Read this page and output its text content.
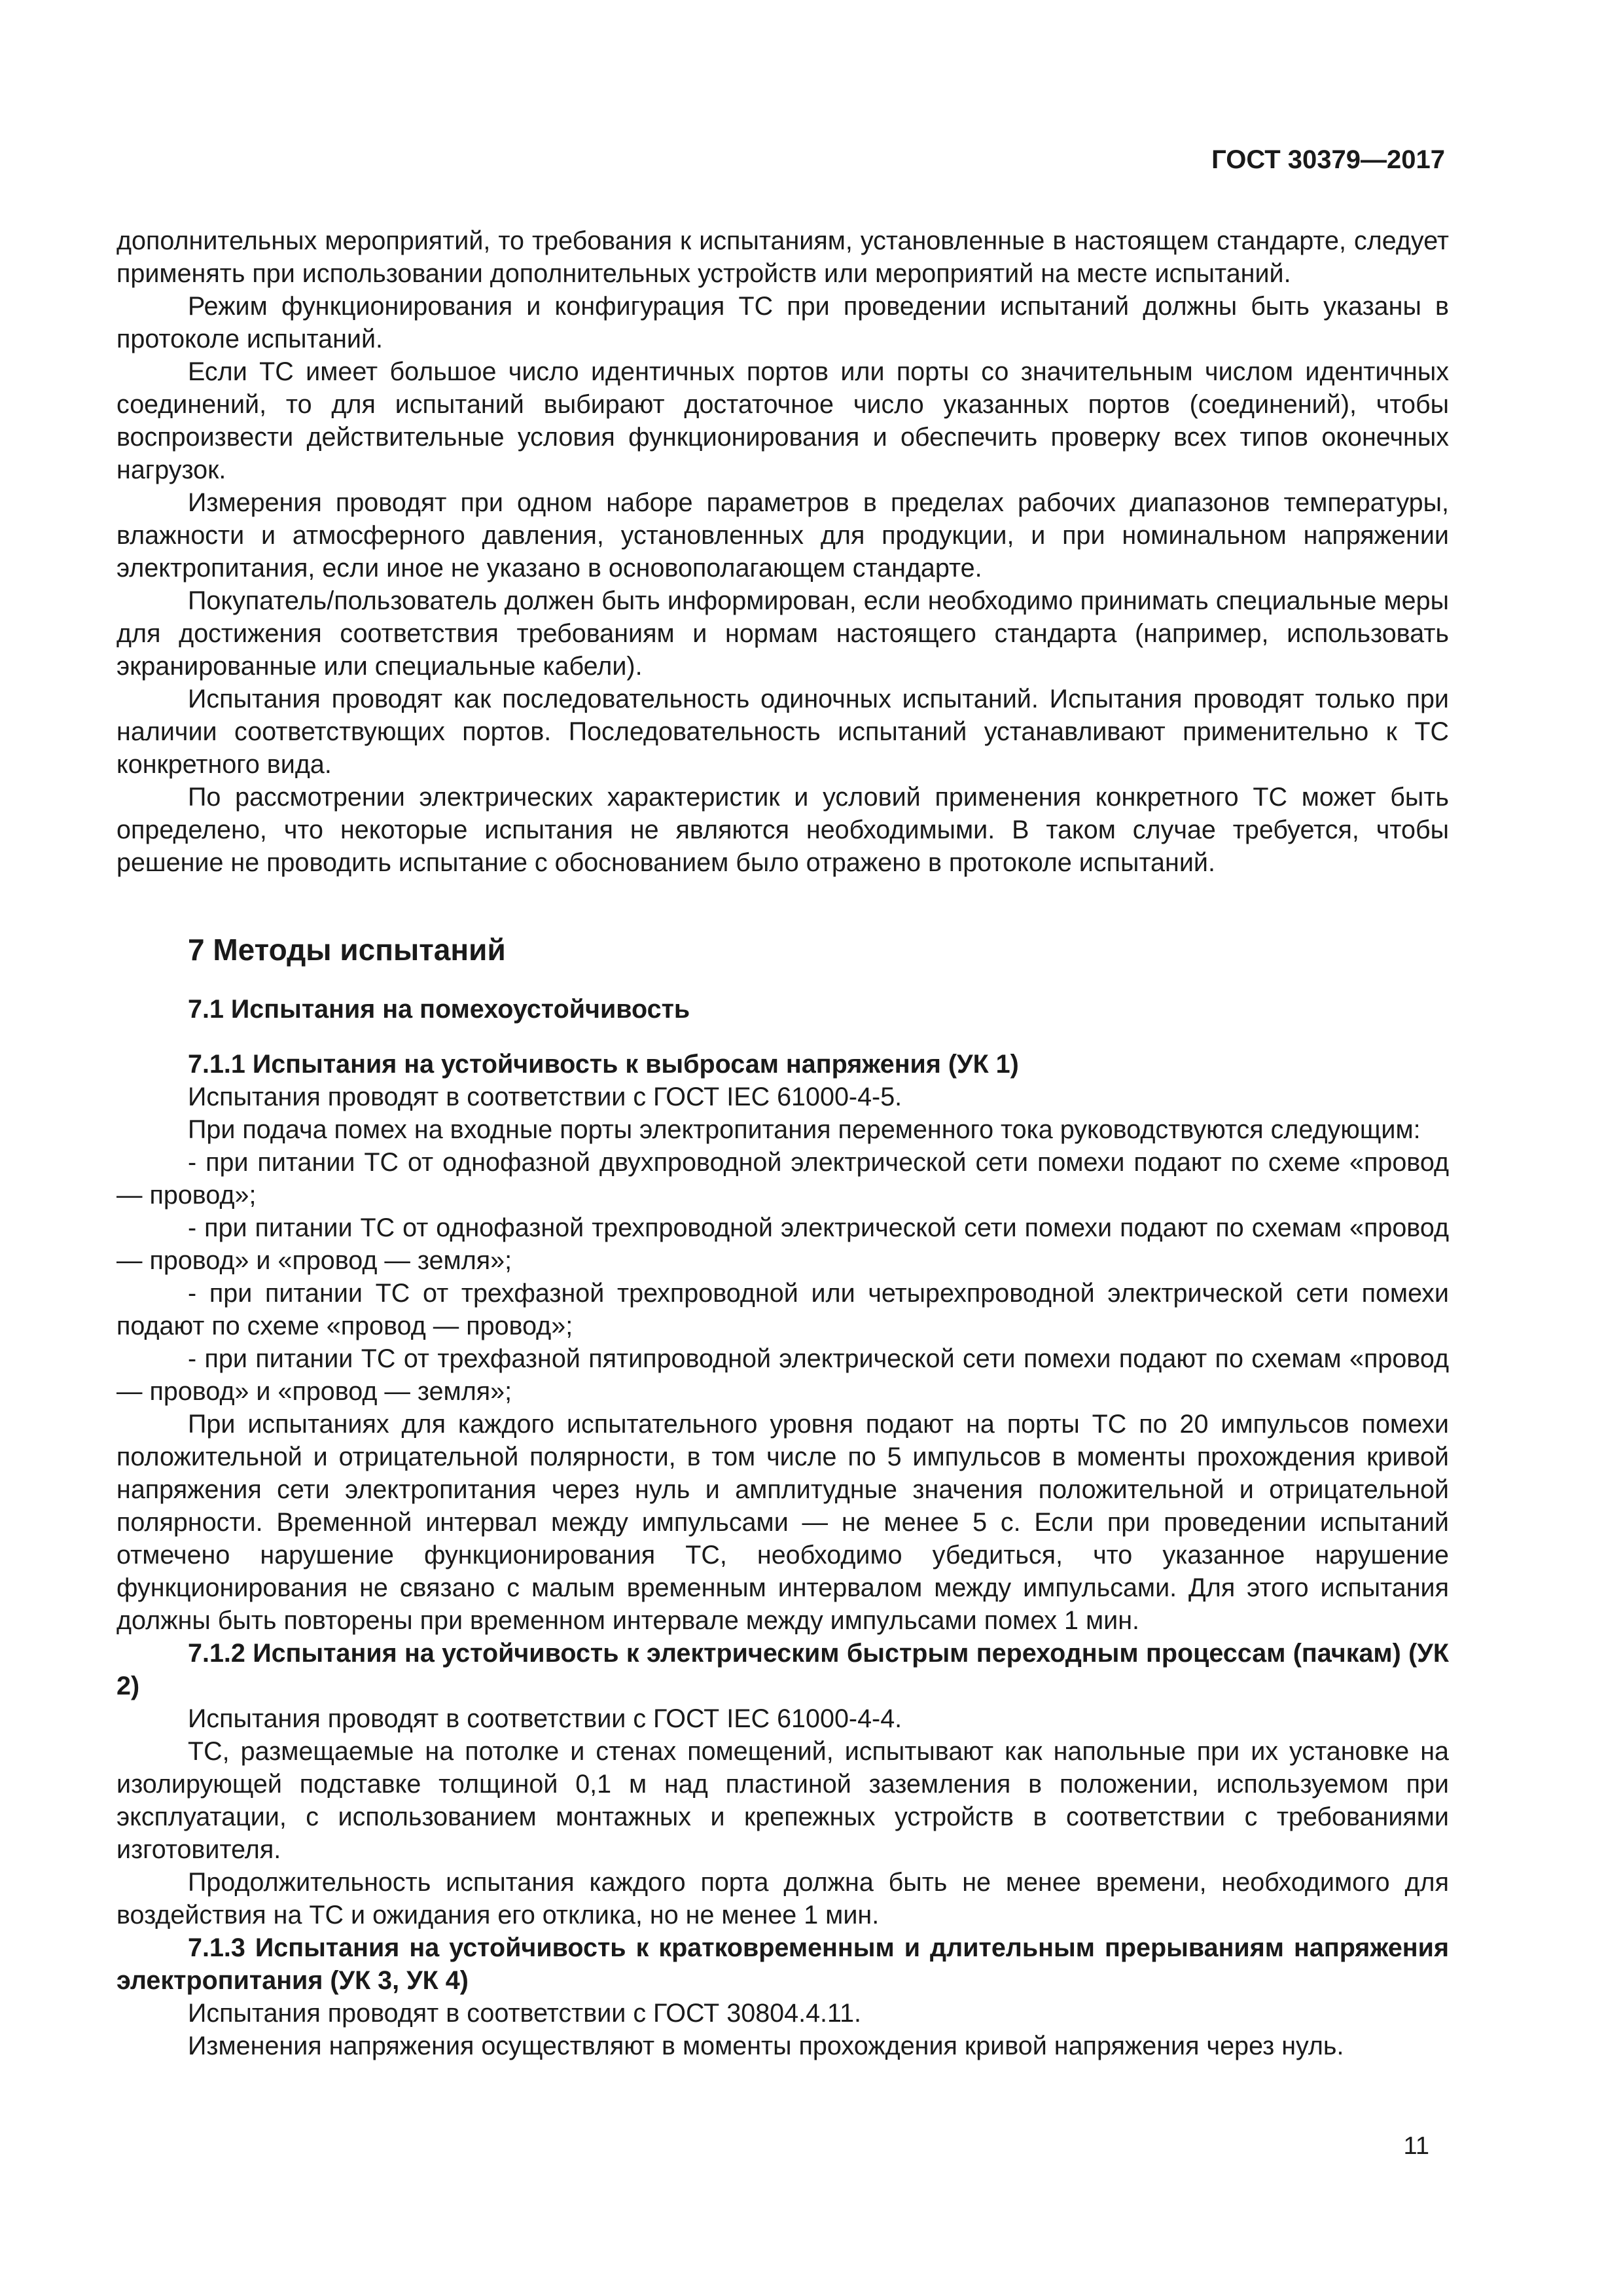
ГОСТ 30379—2017

дополнительных мероприятий, то требования к испытаниям, установленные в настоящем стандарте, следует применять при использовании дополнительных устройств или мероприятий на месте испытаний.

Режим функционирования и конфигурация ТС при проведении испытаний должны быть указаны в протоколе испытаний.

Если ТС имеет большое число идентичных портов или порты со значительным числом идентичных соединений, то для испытаний выбирают достаточное число указанных портов (соединений), чтобы воспроизвести действительные условия функционирования и обеспечить проверку всех типов оконечных нагрузок.

Измерения проводят при одном наборе параметров в пределах рабочих диапазонов температуры, влажности и атмосферного давления, установленных для продукции, и при номинальном напряжении электропитания, если иное не указано в основополагающем стандарте.

Покупатель/пользователь должен быть информирован, если необходимо принимать специальные меры для достижения соответствия требованиям и нормам настоящего стандарта (например, использовать экранированные или специальные кабели).

Испытания проводят как последовательность одиночных испытаний. Испытания проводят только при наличии соответствующих портов. Последовательность испытаний устанавливают применительно к ТС конкретного вида.

По рассмотрении электрических характеристик и условий применения конкретного ТС может быть определено, что некоторые испытания не являются необходимыми. В таком случае требуется, чтобы решение не проводить испытание с обоснованием было отражено в протоколе испытаний.

7 Методы испытаний
7.1 Испытания на помехоустойчивость

7.1.1 Испытания на устойчивость к выбросам напряжения (УК 1)

Испытания проводят в соответствии с ГОСТ IEC 61000-4-5.

При подача помех на входные порты электропитания переменного тока руководствуются следующим:

- при питании ТС от однофазной двухпроводной электрической сети помехи подают по схеме «провод — провод»;

- при питании ТС от однофазной трехпроводной электрической сети помехи подают по схемам «провод — провод» и «провод — земля»;

- при питании ТС от трехфазной трехпроводной или четырехпроводной электрической сети помехи подают по схеме «провод — провод»;

- при питании ТС от трехфазной пятипроводной электрической сети помехи подают по схемам «провод — провод» и «провод — земля»;

При испытаниях для каждого испытательного уровня подают на порты ТС по 20 импульсов помехи положительной и отрицательной полярности, в том числе по 5 импульсов в моменты прохождения кривой напряжения сети электропитания через нуль и амплитудные значения положительной и отрицательной полярности. Временной интервал между импульсами — не менее 5 с. Если при проведении испытаний отмечено нарушение функционирования ТС, необходимо убедиться, что указанное нарушение функционирования не связано с малым временным интервалом между импульсами. Для этого испытания должны быть повторены при временном интервале между импульсами помех 1 мин.

7.1.2 Испытания на устойчивость к электрическим быстрым переходным процессам (пачкам) (УК 2)

Испытания проводят в соответствии с ГОСТ IEC 61000-4-4.

ТС, размещаемые на потолке и стенах помещений, испытывают как напольные при их установке на изолирующей подставке толщиной 0,1 м над пластиной заземления в положении, используемом при эксплуатации, с использованием монтажных и крепежных устройств в соответствии с требованиями изготовителя.

Продолжительность испытания каждого порта должна быть не менее времени, необходимого для воздействия на ТС и ожидания его отклика, но не менее 1 мин.

7.1.3 Испытания на устойчивость к кратковременным и длительным прерываниям напряжения электропитания (УК 3, УК 4)

Испытания проводят в соответствии с ГОСТ 30804.4.11.

Изменения напряжения осуществляют в моменты прохождения кривой напряжения через нуль.

11
